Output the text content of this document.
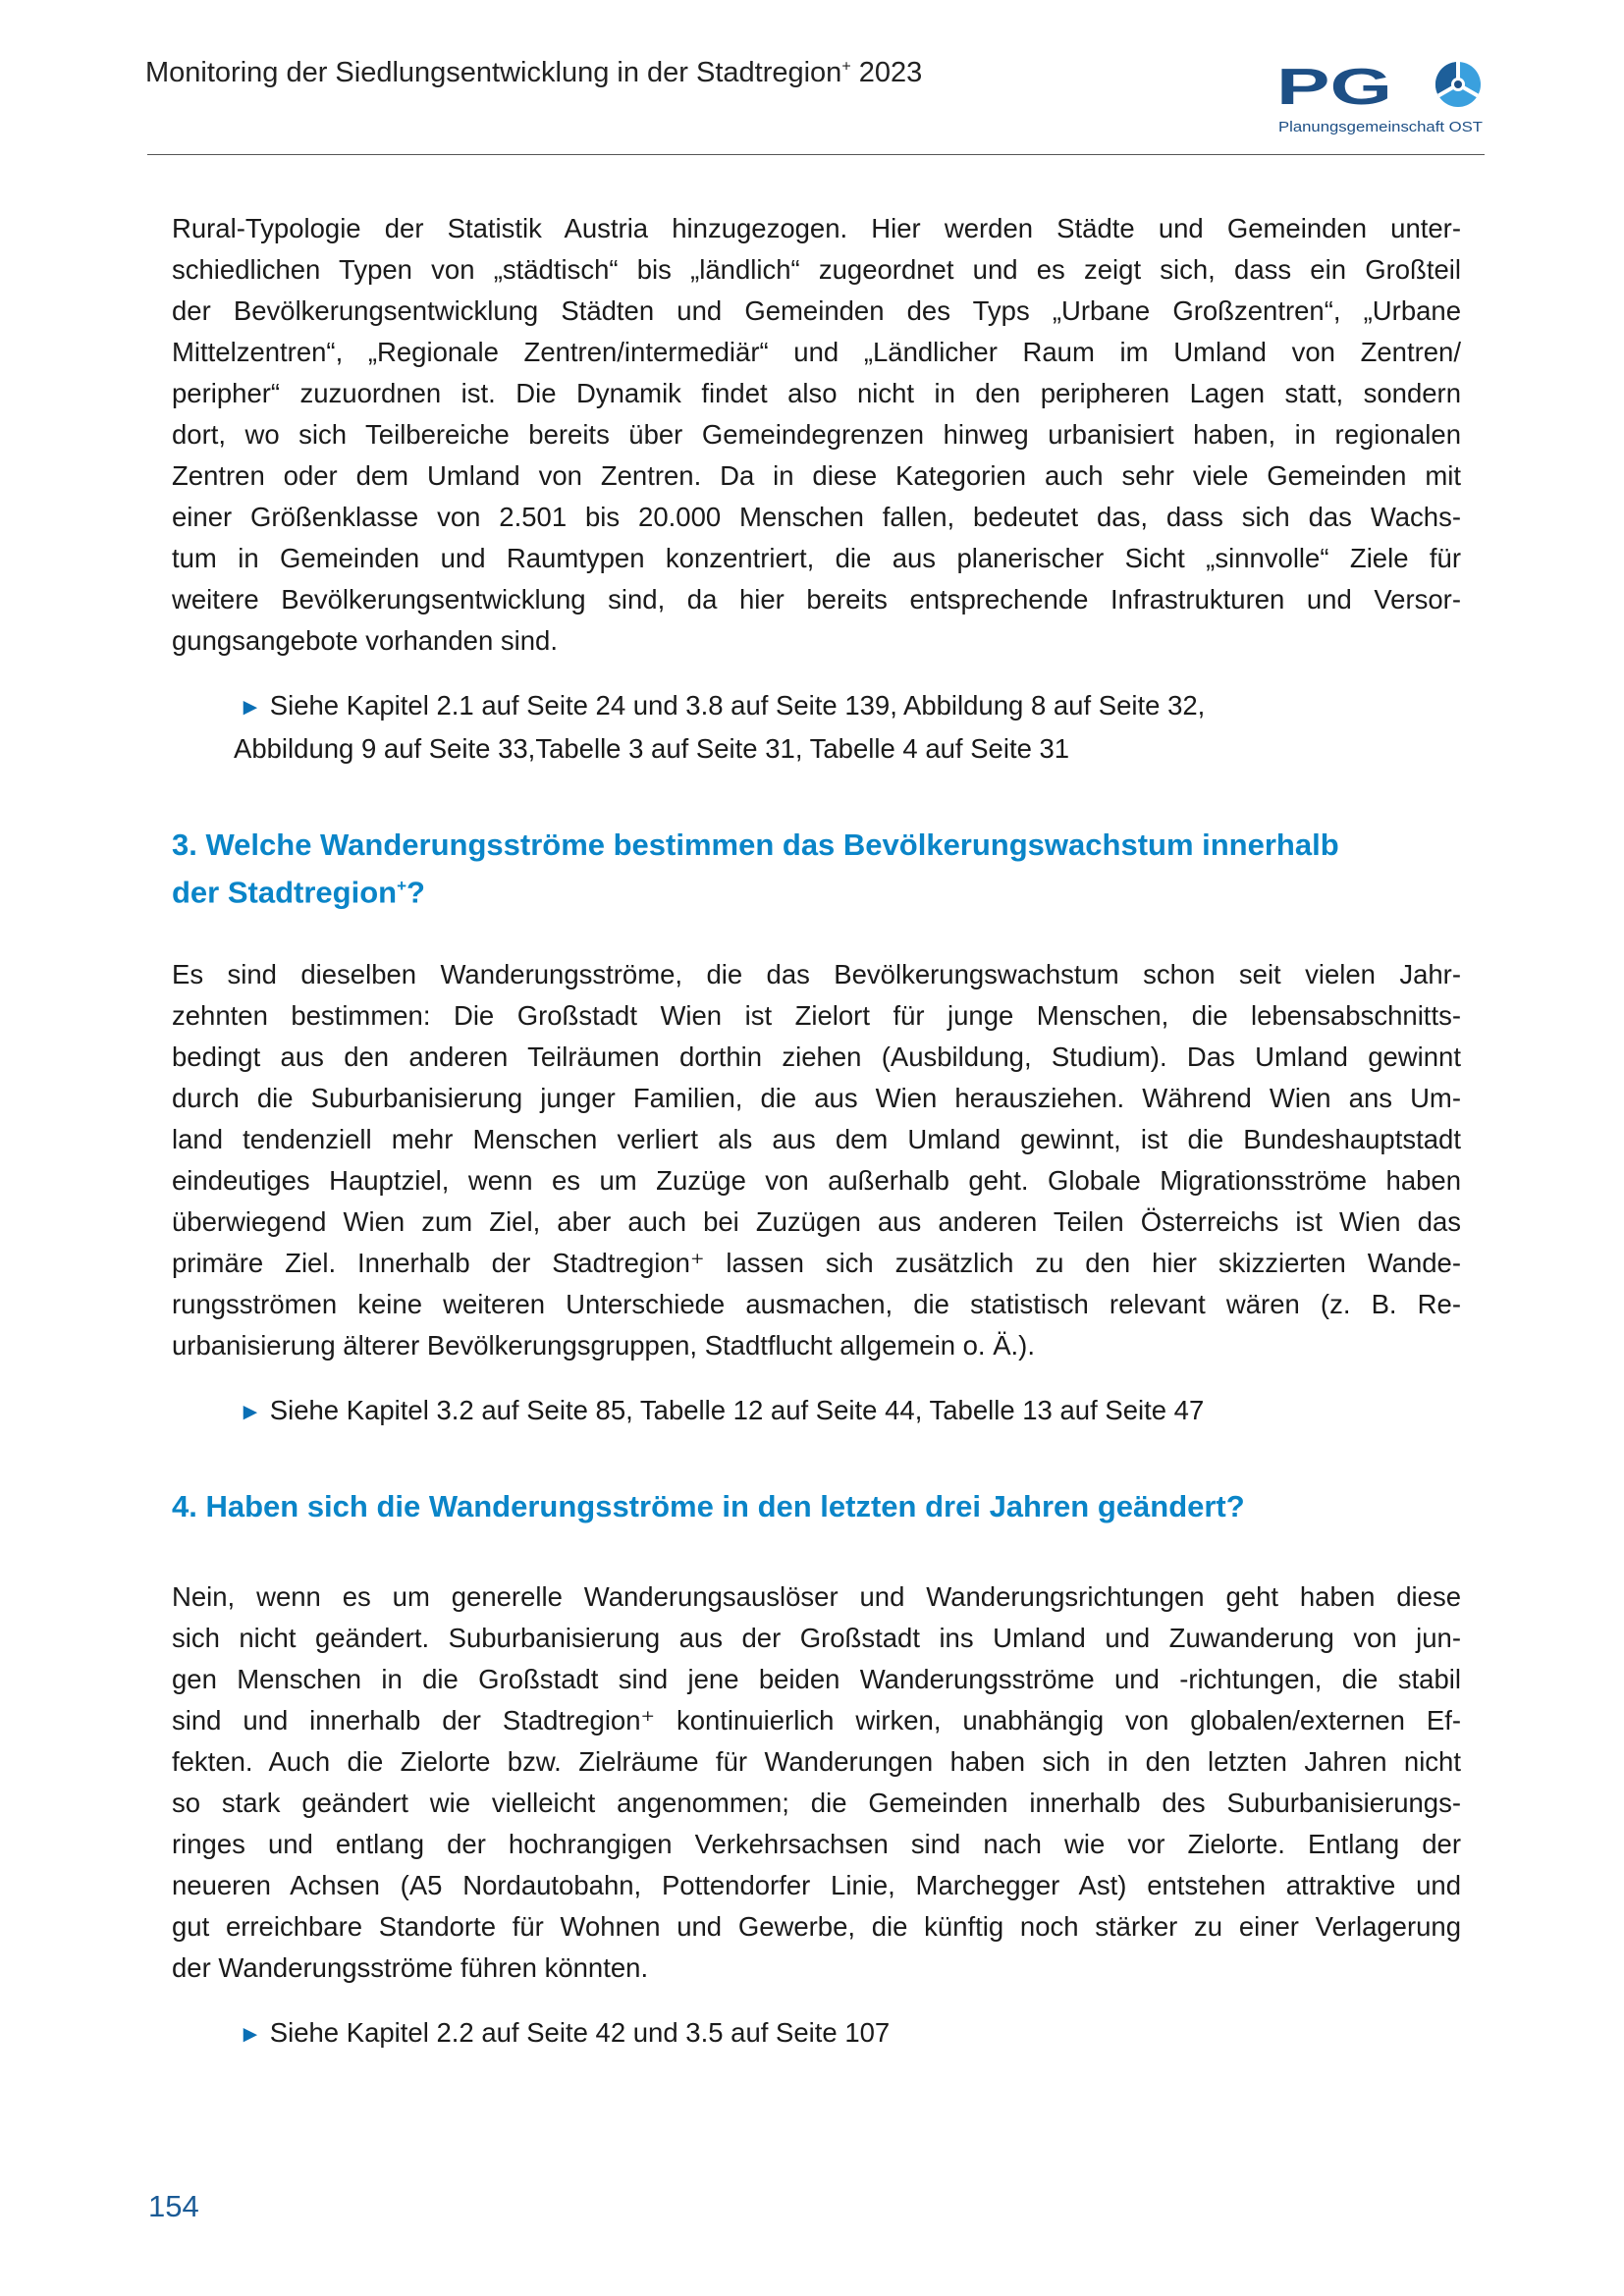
Monitoring der Siedlungsentwicklung in der Stadtregion+ 2023	PG
Planungsgemeinschaft OST
Rural-Typologie der Statistik Austria hinzugezogen. Hier werden Städte und Gemeinden unter-
schiedlichen Typen von „städtisch“ bis „ländlich“ zugeordnet und es zeigt sich, dass ein Großteil
der Bevölkerungsentwicklung Städten und Gemeinden des Typs „Urbane Großzentren“, „Urbane
Mittelzentren“, „Regionale Zentren/intermediär“ und „Ländlicher Raum im Umland von Zentren/
peripher“ zuzuordnen ist. Die Dynamik findet also nicht in den peripheren Lagen statt, sondern
dort, wo sich Teilbereiche bereits über Gemeindegrenzen hinweg urbanisiert haben, in regionalen
Zentren oder dem Umland von Zentren. Da in diese Kategorien auch sehr viele Gemeinden mit
einer Größenklasse von 2.501 bis 20.000 Menschen fallen, bedeutet das, dass sich das Wachs-
tum in Gemeinden und Raumtypen konzentriert, die aus planerischer Sicht „sinnvolle“ Ziele für
weitere Bevölkerungsentwicklung sind, da hier bereits entsprechende Infrastrukturen und Versor-
gungsangebote vorhanden sind.
► Siehe Kapitel 2.1 auf Seite 24 und 3.8 auf Seite 139, Abbildung 8 auf Seite 32,
Abbildung 9 auf Seite 33,Tabelle 3 auf Seite 31, Tabelle 4 auf Seite 31
3. Welche Wanderungsströme bestimmen das Bevölkerungswachstum innerhalb
der Stadtregion+?
Es sind dieselben Wanderungsströme, die das Bevölkerungswachstum schon seit vielen Jahr-
zehnten bestimmen: Die Großstadt Wien ist Zielort für junge Menschen, die lebensabschnitts-
bedingt aus den anderen Teilräumen dorthin ziehen (Ausbildung, Studium). Das Umland gewinnt
durch die Suburbanisierung junger Familien, die aus Wien herausziehen. Während Wien ans Um-
land tendenziell mehr Menschen verliert als aus dem Umland gewinnt, ist die Bundeshauptstadt
eindeutiges Hauptziel, wenn es um Zuzüge von außerhalb geht. Globale Migrationsströme haben
überwiegend Wien zum Ziel, aber auch bei Zuzügen aus anderen Teilen Österreichs ist Wien das
primäre Ziel. Innerhalb der Stadtregion⁺ lassen sich zusätzlich zu den hier skizzierten Wande-
rungsströmen keine weiteren Unterschiede ausmachen, die statistisch relevant wären (z. B. Re-
urbanisierung älterer Bevölkerungsgruppen, Stadtflucht allgemein o. Ä.).
► Siehe Kapitel 3.2 auf Seite 85, Tabelle 12 auf Seite 44, Tabelle 13 auf Seite 47
4. Haben sich die Wanderungsströme in den letzten drei Jahren geändert?
Nein, wenn es um generelle Wanderungsauslöser und Wanderungsrichtungen geht haben diese
sich nicht geändert. Suburbanisierung aus der Großstadt ins Umland und Zuwanderung von jun-
gen Menschen in die Großstadt sind jene beiden Wanderungsströme und -richtungen, die stabil
sind und innerhalb der Stadtregion⁺ kontinuierlich wirken, unabhängig von globalen/externen Ef-
fekten. Auch die Zielorte bzw. Zielräume für Wanderungen haben sich in den letzten Jahren nicht
so stark geändert wie vielleicht angenommen; die Gemeinden innerhalb des Suburbanisierungs-
ringes und entlang der hochrangigen Verkehrsachsen sind nach wie vor Zielorte. Entlang der
neueren Achsen (A5 Nordautobahn, Pottendorfer Linie, Marchegger Ast) entstehen attraktive und
gut erreichbare Standorte für Wohnen und Gewerbe, die künftig noch stärker zu einer Verlagerung
der Wanderungsströme führen könnten.
► Siehe Kapitel 2.2 auf Seite 42 und 3.5 auf Seite 107
154
